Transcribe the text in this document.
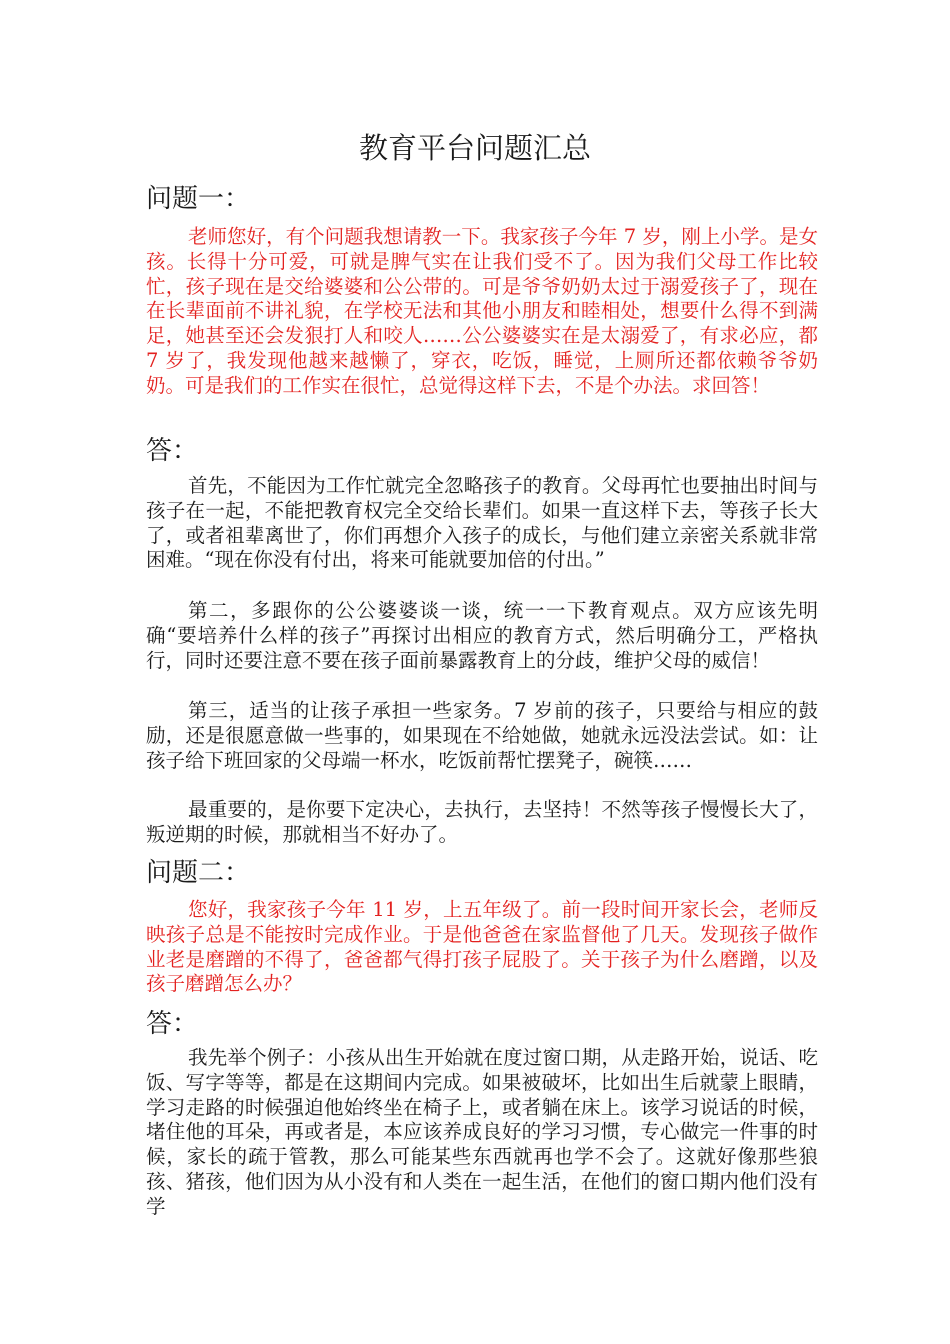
教育平台问题汇总
问题一：

老师您好，有个问题我想请教一下。我家孩子今年 7 岁，刚上小学。是女孩。长得十分可爱，可就是脾气实在让我们受不了。因为我们父母工作比较忙，孩子现在是交给婆婆和公公带的。可是爷爷奶奶太过于溺爱孩子了，现在在长辈面前不讲礼貌，在学校无法和其他小朋友和睦相处，想要什么得不到满足，她甚至还会发狠打人和咬人……公公婆婆实在是太溺爱了，有求必应，都 7 岁了，我发现他越来越懒了，穿衣，吃饭，睡觉，上厕所还都依赖爷爷奶奶。可是我们的工作实在很忙，总觉得这样下去，不是个办法。求回答！

答：

首先，不能因为工作忙就完全忽略孩子的教育。父母再忙也要抽出时间与孩子在一起，不能把教育权完全交给长辈们。如果一直这样下去，等孩子长大了，或者祖辈离世了，你们再想介入孩子的成长，与他们建立亲密关系就非常困难。“现在你没有付出，将来可能就要加倍的付出。”

第二，多跟你的公公婆婆谈一谈，统一一下教育观点。双方应该先明确“要培养什么样的孩子”再探讨出相应的教育方式，然后明确分工，严格执行，同时还要注意不要在孩子面前暴露教育上的分歧，维护父母的威信！

第三，适当的让孩子承担一些家务。7 岁前的孩子，只要给与相应的鼓励，还是很愿意做一些事的，如果现在不给她做，她就永远没法尝试。如：让孩子给下班回家的父母端一杯水，吃饭前帮忙摆凳子，碗筷……

最重要的，是你要下定决心，去执行，去坚持！不然等孩子慢慢长大了，叛逆期的时候，那就相当不好办了。

问题二：

您好，我家孩子今年 11 岁，上五年级了。前一段时间开家长会，老师反映孩子总是不能按时完成作业。于是他爸爸在家监督他了几天。发现孩子做作业老是磨蹭的不得了，爸爸都气得打孩子屁股了。关于孩子为什么磨蹭，以及孩子磨蹭怎么办？

答：

我先举个例子：小孩从出生开始就在度过窗口期，从走路开始，说话、吃饭、写字等等，都是在这期间内完成。如果被破坏，比如出生后就蒙上眼睛，学习走路的时候强迫他始终坐在椅子上，或者躺在床上。该学习说话的时候，堵住他的耳朵，再或者是，本应该养成良好的学习习惯，专心做完一件事的时候，家长的疏于管教，那么可能某些东西就再也学不会了。这就好像那些狼孩、猪孩，他们因为从小没有和人类在一起生活，在他们的窗口期内他们没有学
